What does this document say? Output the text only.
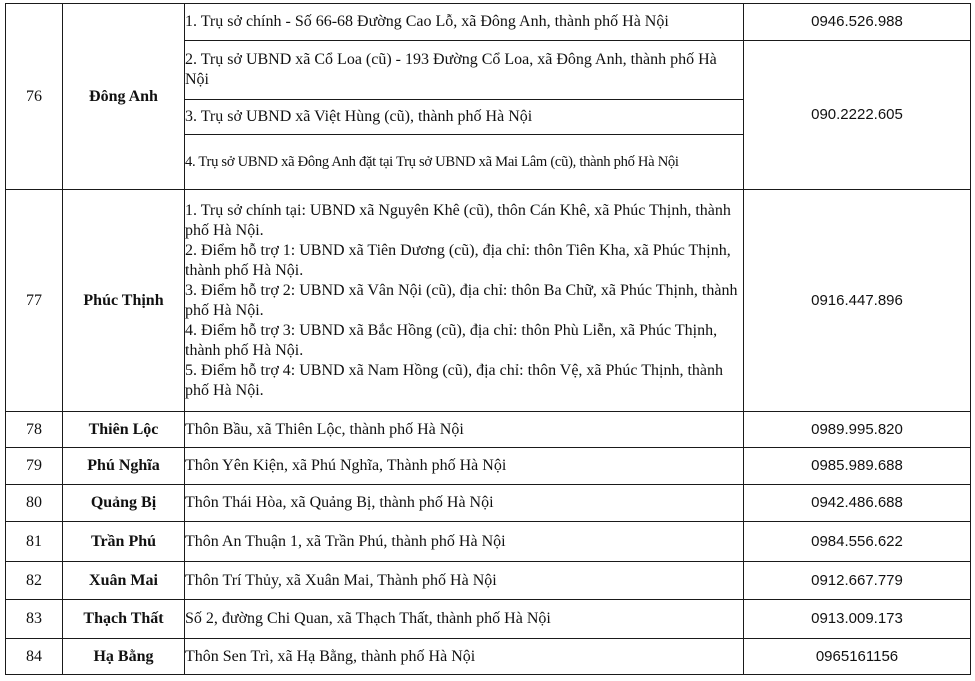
76	Đông Anh	1. Trụ sở chính - Số 66-68 Đường Cao Lỗ, xã Đông Anh, thành phố Hà Nội	0946.526.988
		2. Trụ sở UBND xã Cổ Loa (cũ) - 193 Đường Cổ Loa, xã Đông Anh, thành phố Hà Nội	090.2222.605
		3. Trụ sở UBND xã Việt Hùng (cũ), thành phố Hà Nội	
		4. Trụ sở UBND xã Đông Anh đặt tại Trụ sở UBND xã Mai Lâm (cũ), thành phố Hà Nội	
77	Phúc Thịnh	1. Trụ sở chính tại: UBND xã Nguyên Khê (cũ), thôn Cán Khê, xã Phúc Thịnh, thành phố Hà Nội.
2. Điểm hỗ trợ 1: UBND xã Tiên Dương (cũ), địa chỉ: thôn Tiên Kha, xã Phúc Thịnh, thành phố Hà Nội.
3. Điểm hỗ trợ 2: UBND xã Vân Nội (cũ), địa chỉ: thôn Ba Chữ, xã Phúc Thịnh, thành phố Hà Nội.
4. Điểm hỗ trợ 3: UBND xã Bắc Hồng (cũ), địa chỉ: thôn Phù Liễn, xã Phúc Thịnh, thành phố Hà Nội.
5. Điểm hỗ trợ 4: UBND xã Nam Hồng (cũ), địa chỉ: thôn Vệ, xã Phúc Thịnh, thành phố Hà Nội.	0916.447.896
78	Thiên Lộc	Thôn Bầu, xã Thiên Lộc, thành phố Hà Nội	0989.995.820
79	Phú Nghĩa	Thôn Yên Kiện, xã Phú Nghĩa, Thành phố Hà Nội	0985.989.688
80	Quảng Bị	Thôn Thái Hòa, xã Quảng Bị, thành phố Hà Nội	0942.486.688
81	Trần Phú	Thôn An Thuận 1, xã Trần Phú, thành phố Hà Nội	0984.556.622
82	Xuân Mai	Thôn Trí Thủy, xã Xuân Mai, Thành phố Hà Nội	0912.667.779
83	Thạch Thất	Số 2, đường Chi Quan, xã Thạch Thất, thành phố Hà Nội	0913.009.173
84	Hạ Bằng	Thôn Sen Trì, xã Hạ Bằng, thành phố Hà Nội	0965161156
